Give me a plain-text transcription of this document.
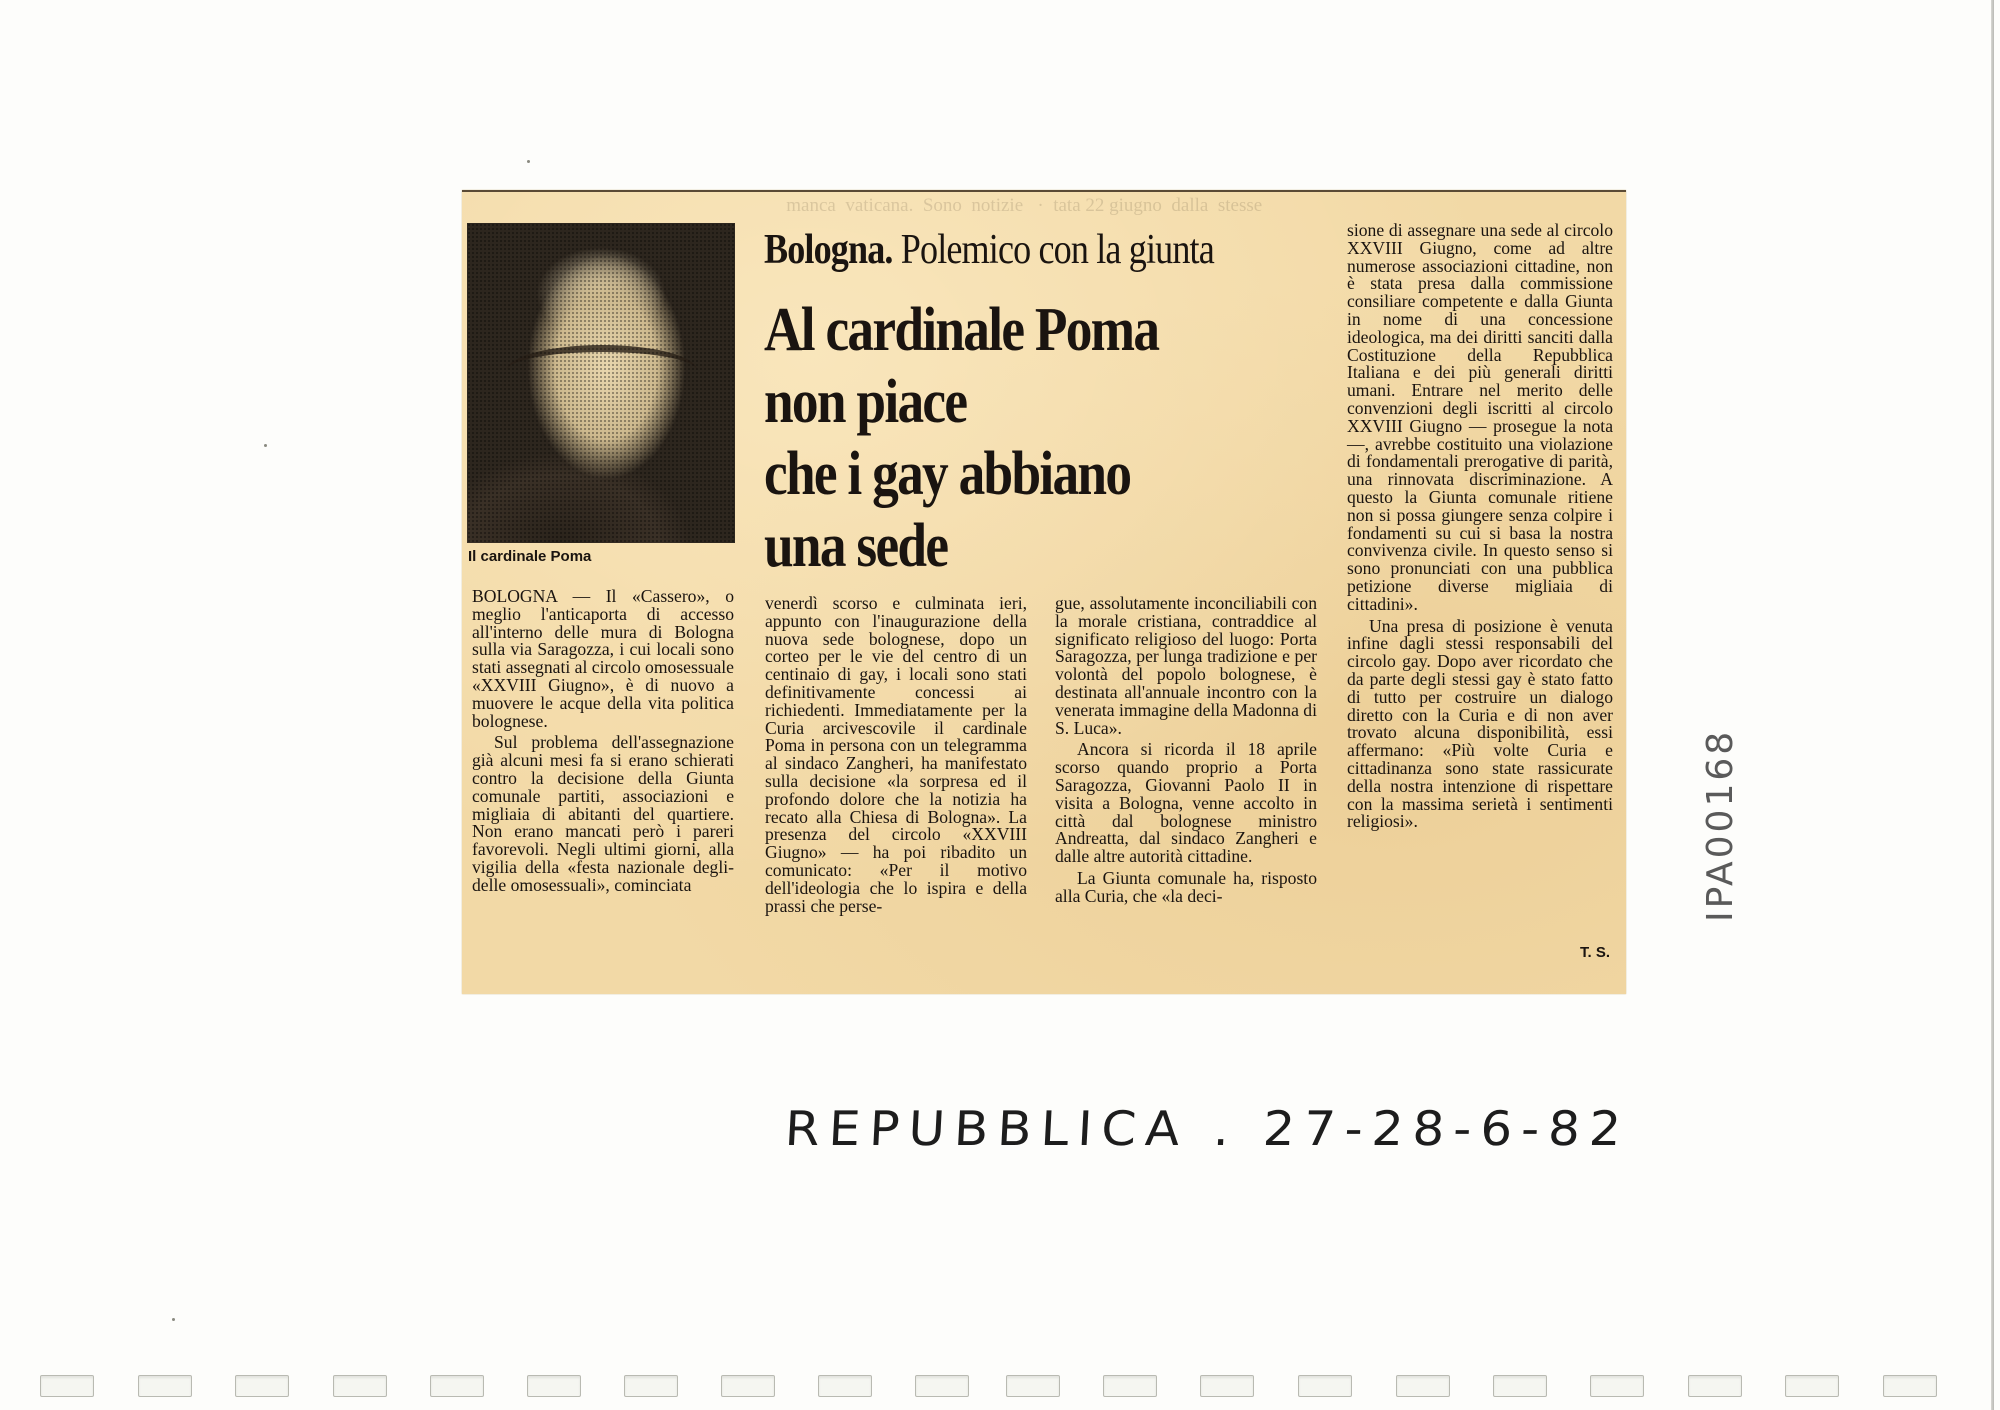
manca  vaticana.  Sono  notizie   ·  tata 22 giugno  dalla  stesse
Il cardinale Poma
Bologna. Polemico con la giunta
Al cardinale Poma
non piace
che i gay abbiano
una sede

BOLOGNA — Il «Cassero», o meglio l'anticaporta di accesso all'interno delle mura di Bologna sulla via Saragozza, i cui locali sono stati assegnati al circolo omosessuale «XXVIII Giugno», è di nuovo a muovere le acque della vita politica bolognese.

Sul problema dell'assegnazione già alcuni mesi fa si erano schierati contro la decisione della Giunta comunale partiti, associazioni e migliaia di abitanti del quartiere. Non erano mancati però i pareri favorevoli. Negli ultimi giorni, alla vigilia della «festa nazionale degli-delle omosessuali», cominciata

venerdì scorso e culminata ieri, appunto con l'inaugurazione della nuova sede bolognese, dopo un corteo per le vie del centro di un centinaio di gay, i locali sono stati definitivamente concessi ai richiedenti. Immediatamente per la Curia arcivescovile il cardinale Poma in persona con un telegramma al sindaco Zangheri, ha manifestato sulla decisione «la sorpresa ed il profondo dolore che la notizia ha recato alla Chiesa di Bologna». La presenza del circolo «XXVIII Giugno» — ha poi ribadito un comunicato: «Per il motivo dell'ideologia che lo ispira e della prassi che perse-

gue, assolutamente inconciliabili con la morale cristiana, contraddice al significato religioso del luogo: Porta Saragozza, per lunga tradizione e per volontà del popolo bolognese, è destinata all'annuale incontro con la venerata immagine della Madonna di S. Luca».

Ancora si ricorda il 18 aprile scorso quando proprio a Porta Saragozza, Giovanni Paolo II in visita a Bologna, venne accolto in città dal bolognese ministro Andreatta, dal sindaco Zangheri e dalle altre autorità cittadine.

La Giunta comunale ha, risposto alla Curia, che «la deci-

sione di assegnare una sede al circolo XXVIII Giugno, come ad altre numerose associazioni cittadine, non è stata presa dalla commissione consiliare competente e dalla Giunta in nome di una concessione ideologica, ma dei diritti sanciti dalla Costituzione della Repubblica Italiana e dei più generali diritti umani. Entrare nel merito delle convenzioni degli iscritti al circolo XXVIII Giugno — prosegue la nota —, avrebbe costituito una violazione di fondamentali prerogative di parità, una rinnovata discriminazione. A questo la Giunta comunale ritiene non si possa giungere senza colpire i fondamenti su cui si basa la nostra convivenza civile. In questo senso si sono pronunciati con una pubblica petizione diverse migliaia di cittadini».

Una presa di posizione è venuta infine dagli stessi responsabili del circolo gay. Dopo aver ricordato che da parte degli stessi gay è stato fatto di tutto per costruire un dialogo diretto con la Curia e di non aver trovato alcuna disponibilità, essi affermano: «Più volte Curia e cittadinanza sono state rassicurate della nostra intenzione di rispettare con la massima serietà i sentimenti religiosi».

T. S.
REPUBBLICA . 27-28-6-82
IPA00168
